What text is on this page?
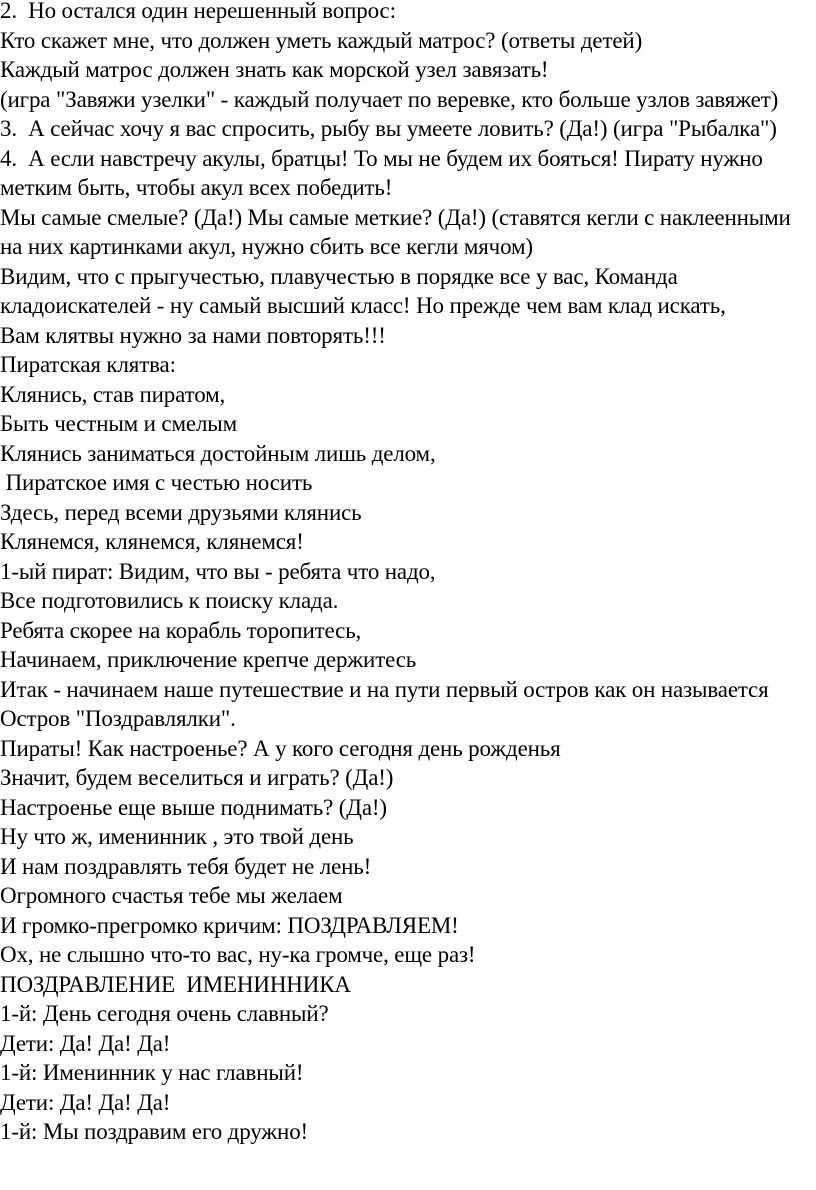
2.  Но остался один нерешенный вопрос:
Кто скажет мне, что должен уметь каждый матрос? (ответы детей)
Каждый матрос должен знать как морской узел завязать!
(игра "Завяжи узелки" - каждый получает по веревке, кто больше узлов завяжет)
3.  А сейчас хочу я вас спросить, рыбу вы умеете ловить? (Да!) (игра "Рыбалка")
4.  А если навстречу акулы, братцы! То мы не будем их бояться! Пирату нужно
метким быть, чтобы акул всех победить!
Мы самые смелые? (Да!) Мы самые меткие? (Да!) (ставятся кегли с наклеенными
на них картинками акул, нужно сбить все кегли мячом)
Видим, что с прыгучестью, плавучестью в порядке все у вас, Команда
кладоискателей - ну самый высший класс! Но прежде чем вам клад искать,
Вам клятвы нужно за нами повторять!!!
Пиратская клятва:
Клянись, став пиратом,
Быть честным и смелым
Клянись заниматься достойным лишь делом,
Пиратское имя с честью носить
Здесь, перед всеми друзьями клянись
Клянемся, клянемся, клянемся!
1-ый пират: Видим, что вы - ребята что надо,
Все подготовились к поиску клада.
Ребята скорее на корабль торопитесь,
Начинаем, приключение крепче держитесь
Итак - начинаем наше путешествие и на пути первый остров как он называется
Остров "Поздравлялки".
Пираты! Как настроенье? А у кого сегодня день рожденья
Значит, будем веселиться и играть? (Да!)
Настроенье еще выше поднимать? (Да!)
Ну что ж, именинник , это твой день
И нам поздравлять тебя будет не лень!
Огромного счастья тебе мы желаем
И громко-прегромко кричим: ПОЗДРАВЛЯЕМ!
Ох, не слышно что-то вас, ну-ка громче, еще раз!
ПОЗДРАВЛЕНИЕ  ИМЕНИННИКА
1-й: День сегодня очень славный?
Дети: Да! Да! Да!
1-й: Именинник у нас главный!
Дети: Да! Да! Да!
1-й: Мы поздравим его дружно!
